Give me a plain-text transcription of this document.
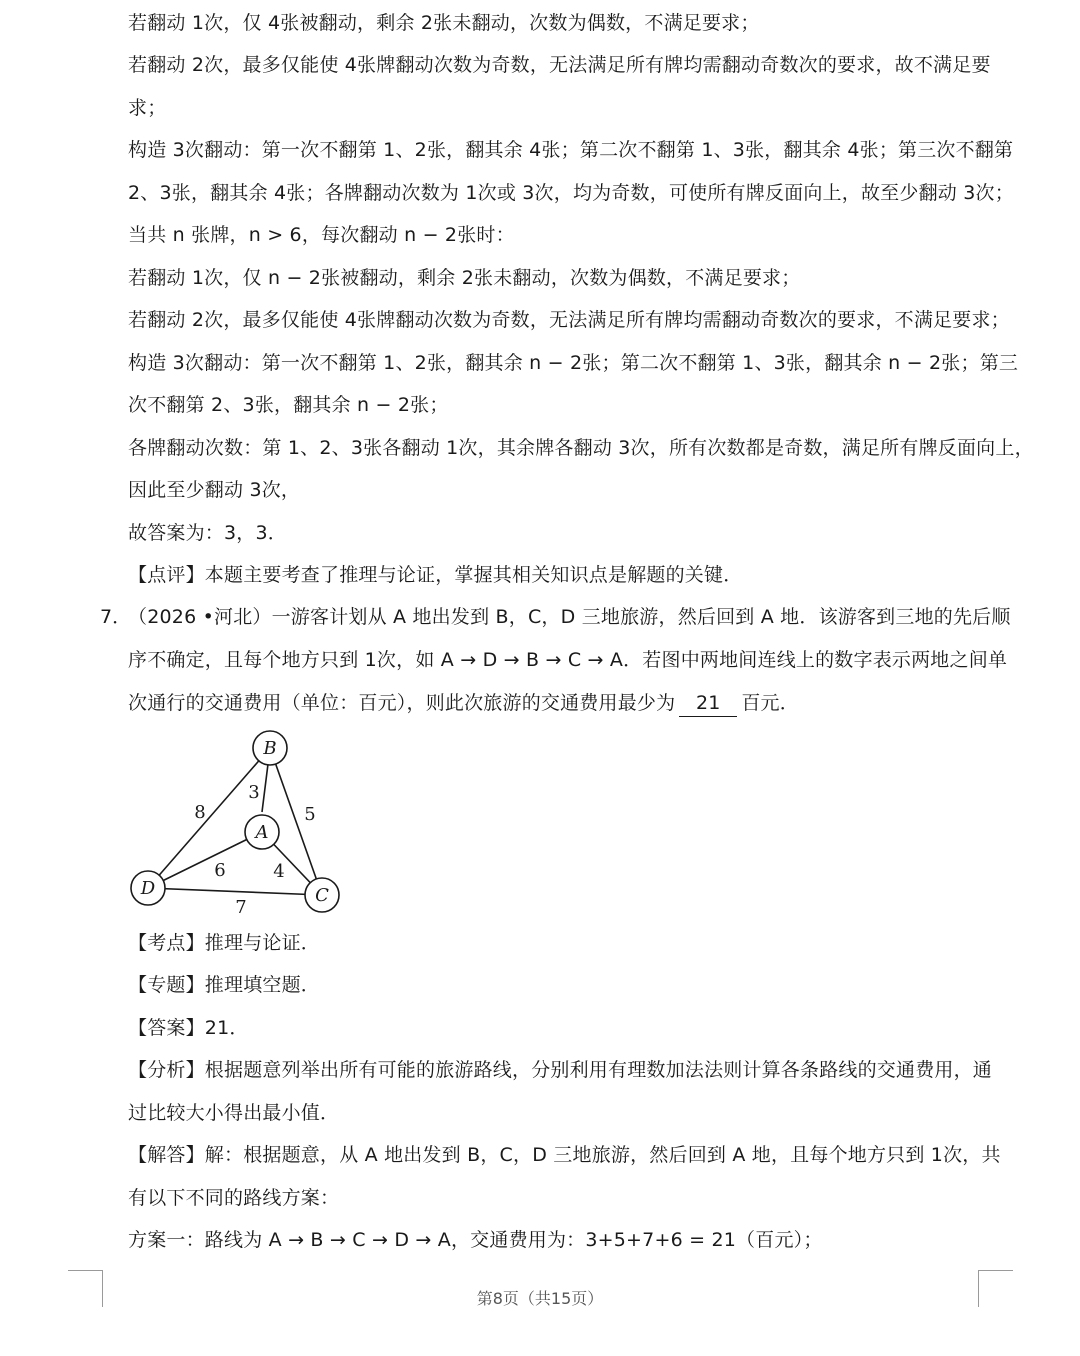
若翻动 1次，仅 4张被翻动，剩余 2张未翻动，次数为偶数，不满足要求；
若翻动 2次，最多仅能使 4张牌翻动次数为奇数，无法满足所有牌均需翻动奇数次的要求，故不满足要
求；
构造 3次翻动：第一次不翻第 1、2张，翻其余 4张；第二次不翻第 1、3张，翻其余 4张；第三次不翻第
2、3张，翻其余 4张；各牌翻动次数为 1次或 3次，均为奇数，可使所有牌反面向上，故至少翻动 3次；
当共 n 张牌，n > 6，每次翻动 n − 2张时：
若翻动 1次，仅 n − 2张被翻动，剩余 2张未翻动，次数为偶数，不满足要求；
若翻动 2次，最多仅能使 4张牌翻动次数为奇数，无法满足所有牌均需翻动奇数次的要求，不满足要求；
构造 3次翻动：第一次不翻第 1、2张，翻其余 n − 2张；第二次不翻第 1、3张，翻其余 n − 2张；第三
次不翻第 2、3张，翻其余 n − 2张；
各牌翻动次数：第 1、2、3张各翻动 1次，其余牌各翻动 3次，所有次数都是奇数，满足所有牌反面向上，
因此至少翻动 3次，
故答案为：3，3．
【点评】本题主要考查了推理与论证，掌握其相关知识点是解题的关键．
7．
（2026 •河北）一游客计划从 A 地出发到 B，C，D 三地旅游，然后回到 A 地．该游客到三地的先后顺
序不确定，且每个地方只到 1次，如 A → D → B → C → A．若图中两地间连线上的数字表示两地之间单
次通行的交通费用（单位：百元），则此次旅游的交通费用最少为 21 百元．
B
A
D	C
3
8	5
6	4
7
【考点】推理与论证．
【专题】推理填空题．
【答案】21．
【分析】根据题意列举出所有可能的旅游路线，分别利用有理数加法法则计算各条路线的交通费用，通
过比较大小得出最小值．
【解答】解：根据题意，从 A 地出发到 B，C，D 三地旅游，然后回到 A 地，且每个地方只到 1次，共
有以下不同的路线方案：
方案一：路线为 A → B → C → D → A，交通费用为：3+5+7+6 = 21（百元）；
第8页（共15页）
